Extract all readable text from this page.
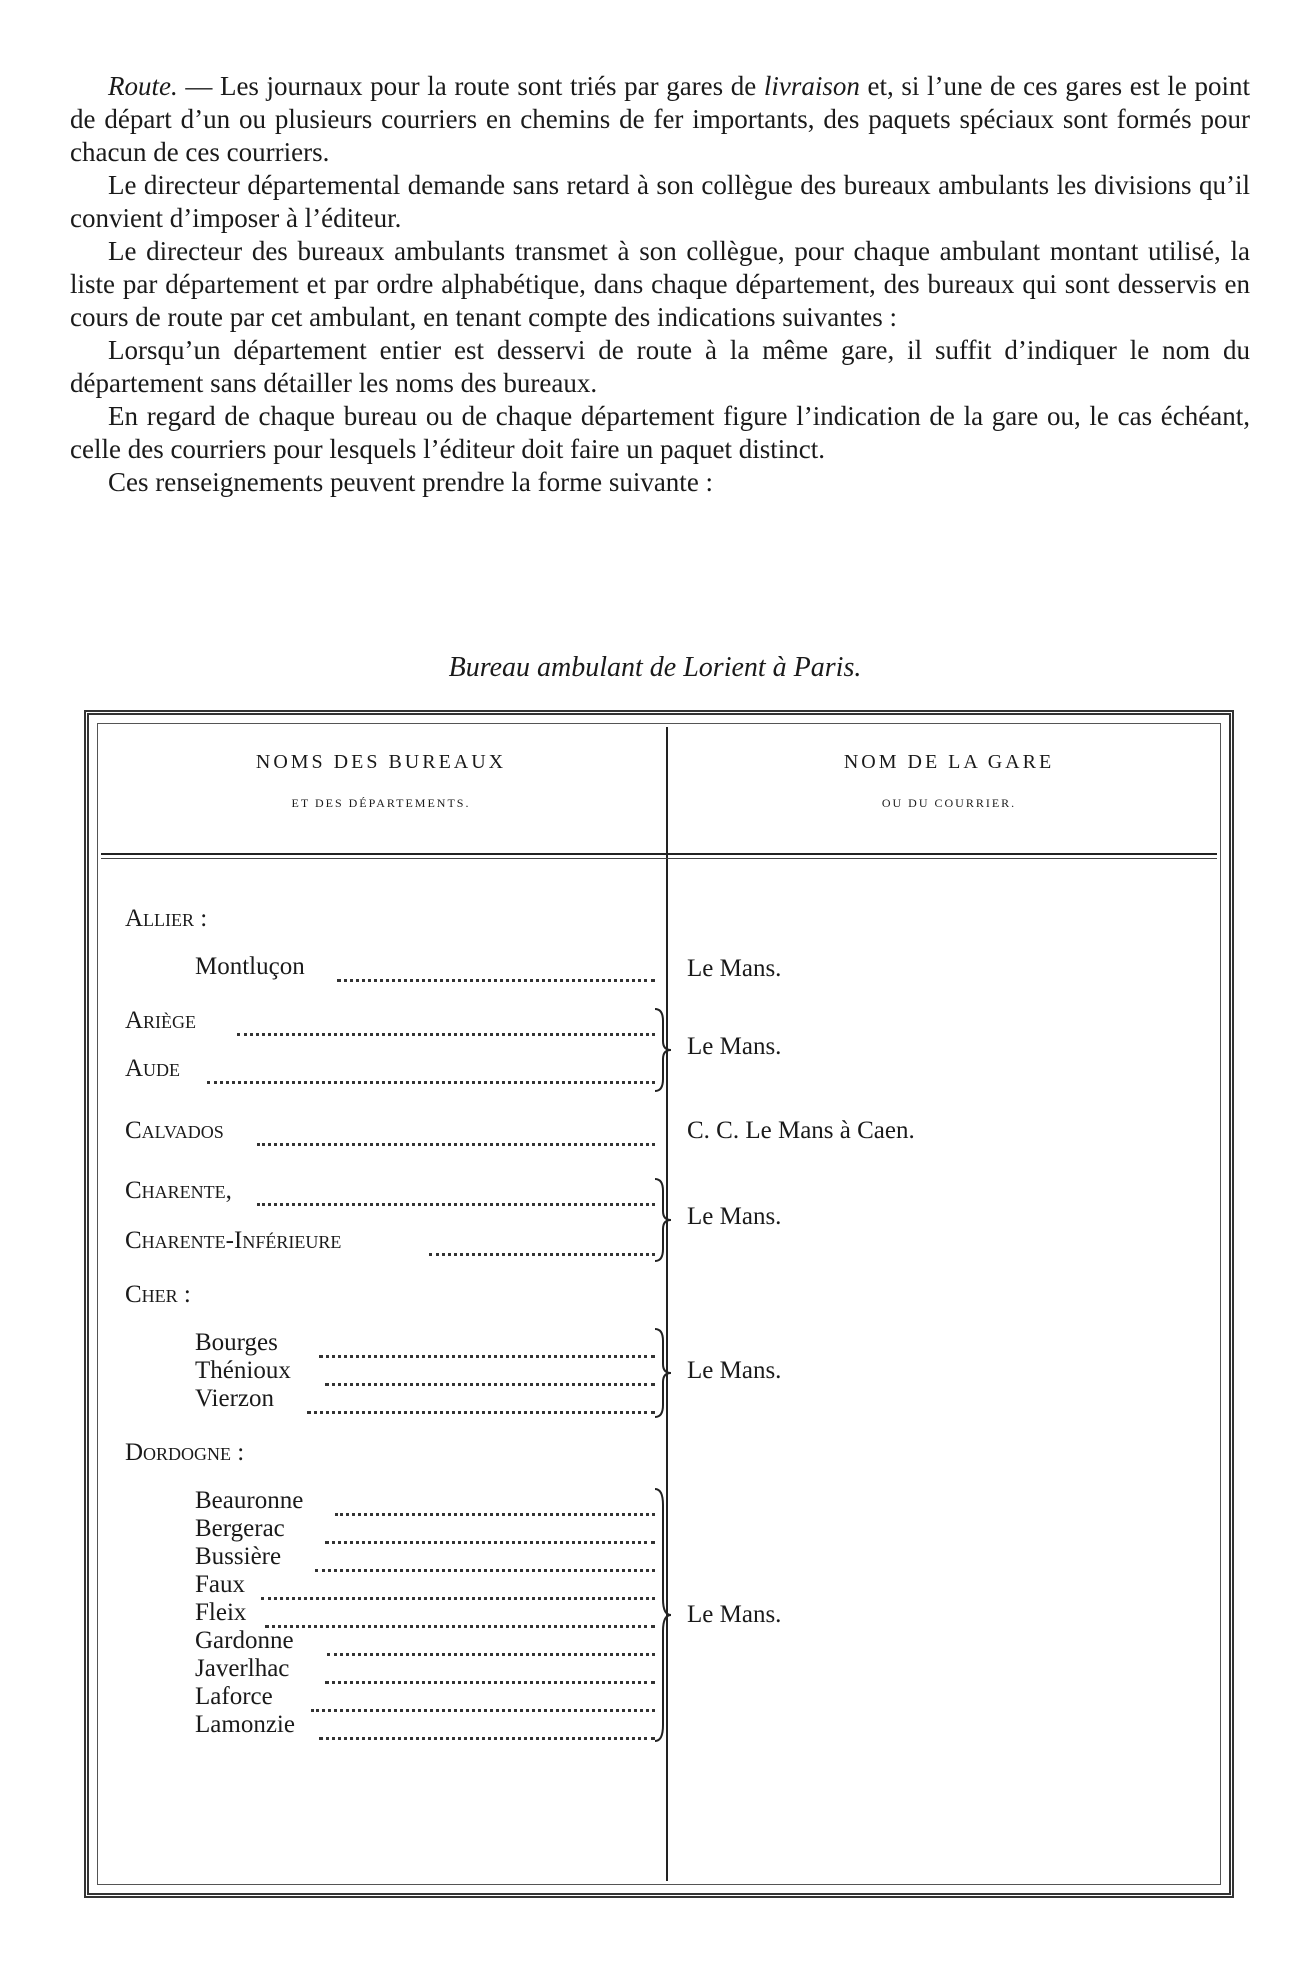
Route. — Les journaux pour la route sont triés par gares de livraison et, si l’une de ces gares est le point de départ d’un ou plusieurs courriers en chemins de fer importants, des paquets spéciaux sont formés pour chacun de ces courriers.

Le directeur départemental demande sans retard à son collègue des bureaux ambulants les divisions qu’il convient d’imposer à l’éditeur.

Le directeur des bureaux ambulants transmet à son collègue, pour chaque ambulant montant utilisé, la liste par département et par ordre alphabétique, dans chaque département, des bureaux qui sont desservis en cours de route par cet ambulant, en tenant compte des indications suivantes :

Lorsqu’un département entier est desservi de route à la même gare, il suffit d’indiquer le nom du département sans détailler les noms des bureaux.

En regard de chaque bureau ou de chaque département figure l’indication de la gare ou, le cas échéant, celle des courriers pour lesquels l’éditeur doit faire un paquet distinct.

Ces renseignements peuvent prendre la forme suivante :

Bureau ambulant de Lorient à Paris.
NOMS DES BUREAUX
ET DES DÉPARTEMENTS.
NOM DE LA GARE
OU DU COURRIER.
Allier :
Montluçon
Ariège
Aude
Calvados
Charente,
Charente-Inférieure
Cher :
Bourges
Thénioux
Vierzon
Dordogne :
Beauronne
Bergerac
Bussière
Faux
Fleix
Gardonne
Javerlhac
Laforce
Lamonzie
Le Mans.
Le Mans.
C. C. Le Mans à Caen.
Le Mans.
Le Mans.
Le Mans.
